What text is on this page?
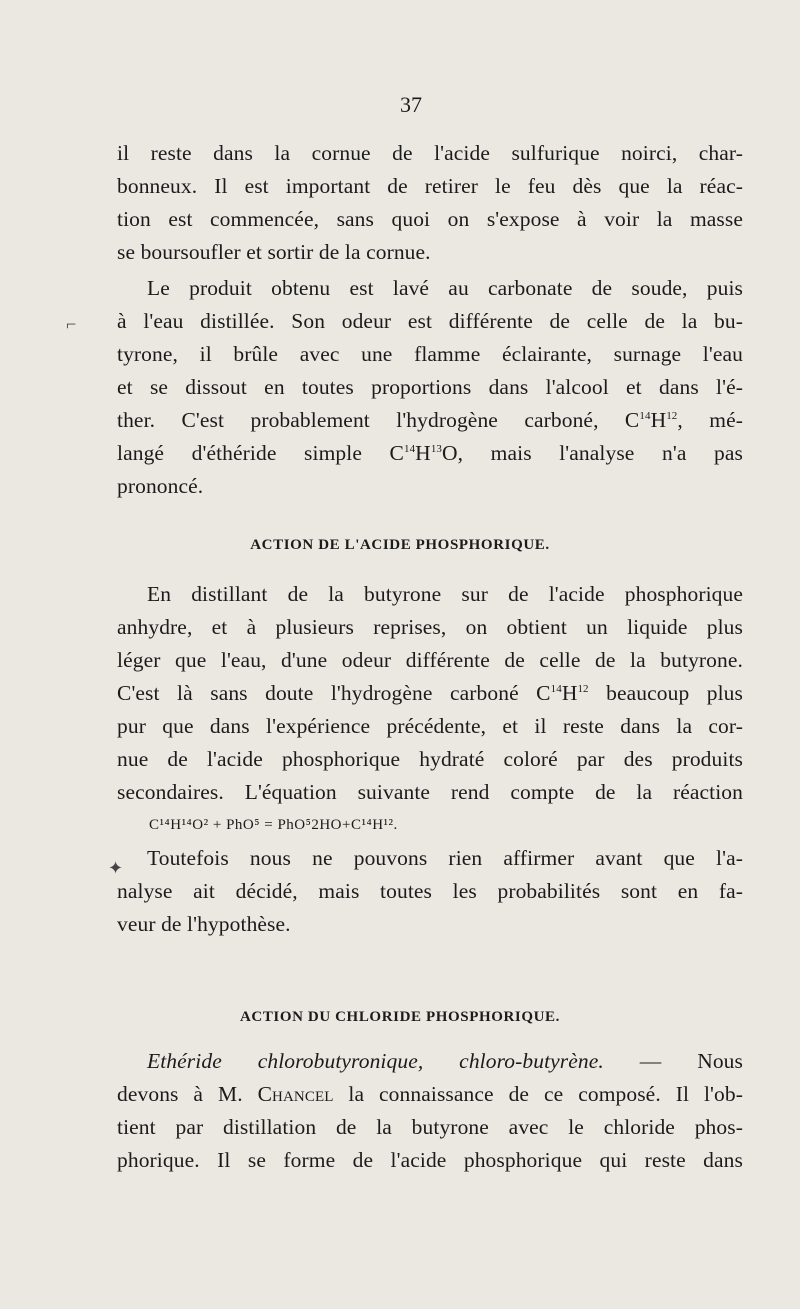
37
⌐
✦
il reste dans la cornue de l'acide sulfurique noirci, char-
bonneux. Il est important de retirer le feu dès que la réac-
tion est commencée, sans quoi on s'expose à voir la masse
se boursoufler et sortir de la cornue.
Le produit obtenu est lavé au carbonate de soude, puis
à l'eau distillée. Son odeur est différente de celle de la bu-
tyrone, il brûle avec une flamme éclairante, surnage l'eau
et se dissout en toutes proportions dans l'alcool et dans l'é-
ther. C'est probablement l'hydrogène carboné, $C^{14}H^{12}$, mé-
langé d'éthéride simple $C^{14}H^{13}O$, mais l'analyse n'a pas
prononcé.
ACTION DE L'ACIDE PHOSPHORIQUE.
En distillant de la butyrone sur de l'acide phosphorique
anhydre, et à plusieurs reprises, on obtient un liquide plus
léger que l'eau, d'une odeur différente de celle de la butyrone.
C'est là sans doute l'hydrogène carboné $C^{14}H^{12}$ beaucoup plus
pur que dans l'expérience précédente, et il reste dans la cor-
nue de l'acide phosphorique hydraté coloré par des produits
secondaires. L'équation suivante rend compte de la réaction
C¹⁴H¹⁴O² + PhO⁵ = PhO⁵2HO+C¹⁴H¹².
Toutefois nous ne pouvons rien affirmer avant que l'a-
nalyse ait décidé, mais toutes les probabilités sont en fa-
veur de l'hypothèse.
ACTION DU CHLORIDE PHOSPHORIQUE.
Ethéride chlorobutyronique, chloro-butyrène. — Nous
devons à M. Chancel la connaissance de ce composé. Il l'ob-
tient par distillation de la butyrone avec le chloride phos-
phorique. Il se forme de l'acide phosphorique qui reste dans
